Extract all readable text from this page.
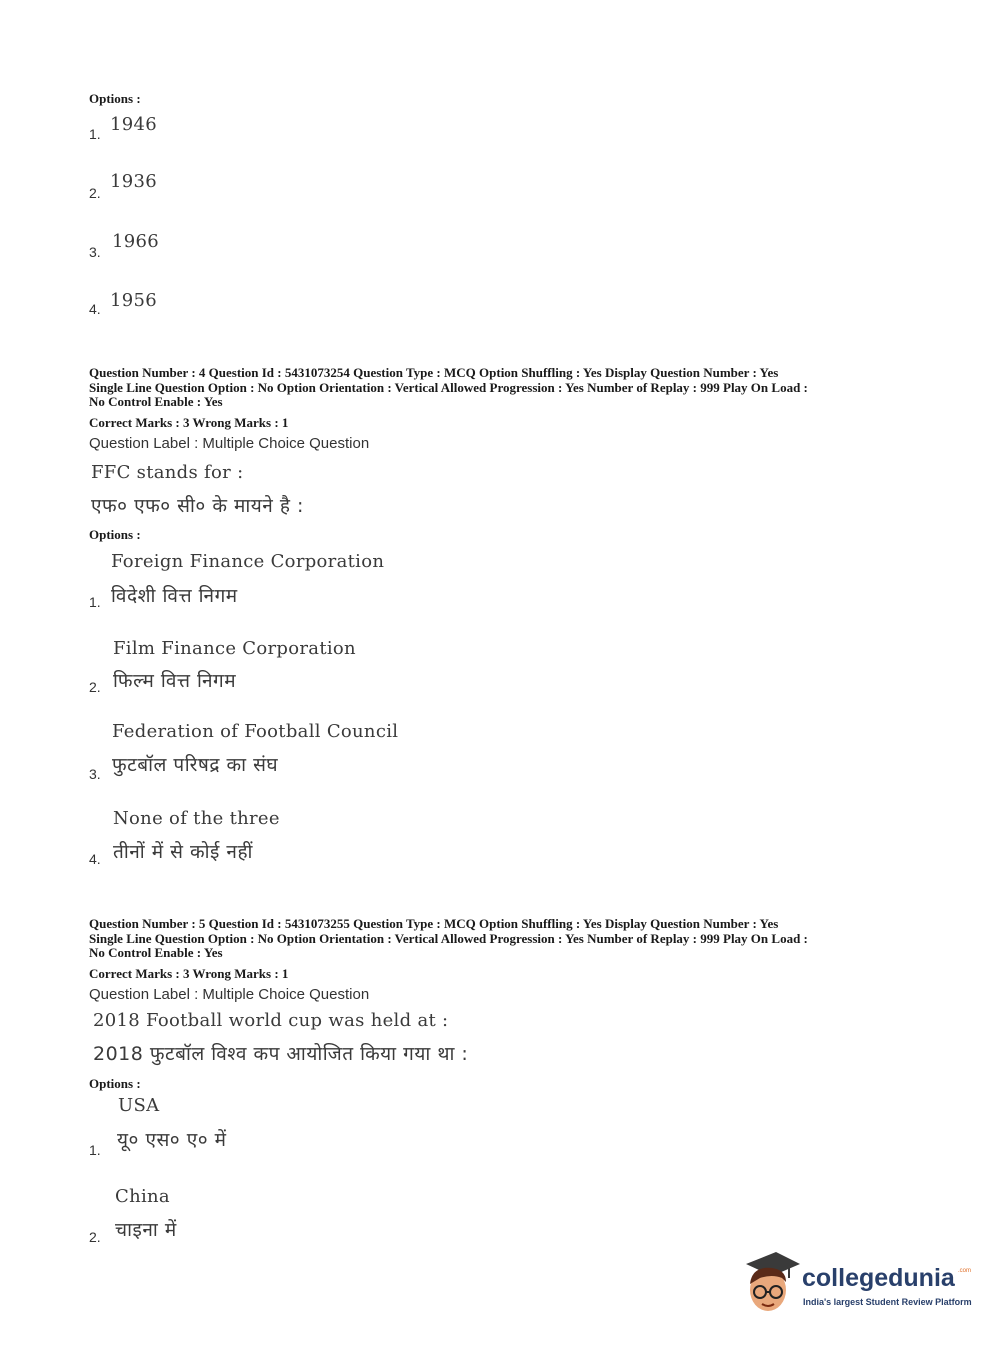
Options :
1. 1946
2.
1936
3. 1966
4. 1956
Question Number : 4 Question Id : 5431073254 Question Type : MCQ Option Shuffling : Yes Display Question Number : Yes
Single Line Question Option : No Option Orientation : Vertical Allowed Progression : Yes Number of Replay : 999 Play On Load :
No Control Enable : Yes
Correct Marks : 3 Wrong Marks : 1
Question Label : Multiple Choice Question
FFC stands for :
एफ० एफ० सी० के मायने है :
Options :
Foreign Finance Corporation
1. विदेशी वित्त निगम
Film Finance Corporation
2. फिल्म वित्त निगम
Federation of Football Council
3. फुटबॉल परिषद्र का संघ
None of the three
4. तीनों में से कोई नहीं
Question Number : 5 Question Id : 5431073255 Question Type : MCQ Option Shuffling : Yes Display Question Number : Yes
Single Line Question Option : No Option Orientation : Vertical Allowed Progression : Yes Number of Replay : 999 Play On Load :
No Control Enable : Yes
Correct Marks : 3 Wrong Marks : 1
Question Label : Multiple Choice Question
2018 Football world cup was held at :
2018 फुटबॉल विश्व कप आयोजित किया गया था :
Options :
USA
1. यू० एस० ए० में
China
2. चाइना में
collegedunia .com
India's largest Student Review Platform
